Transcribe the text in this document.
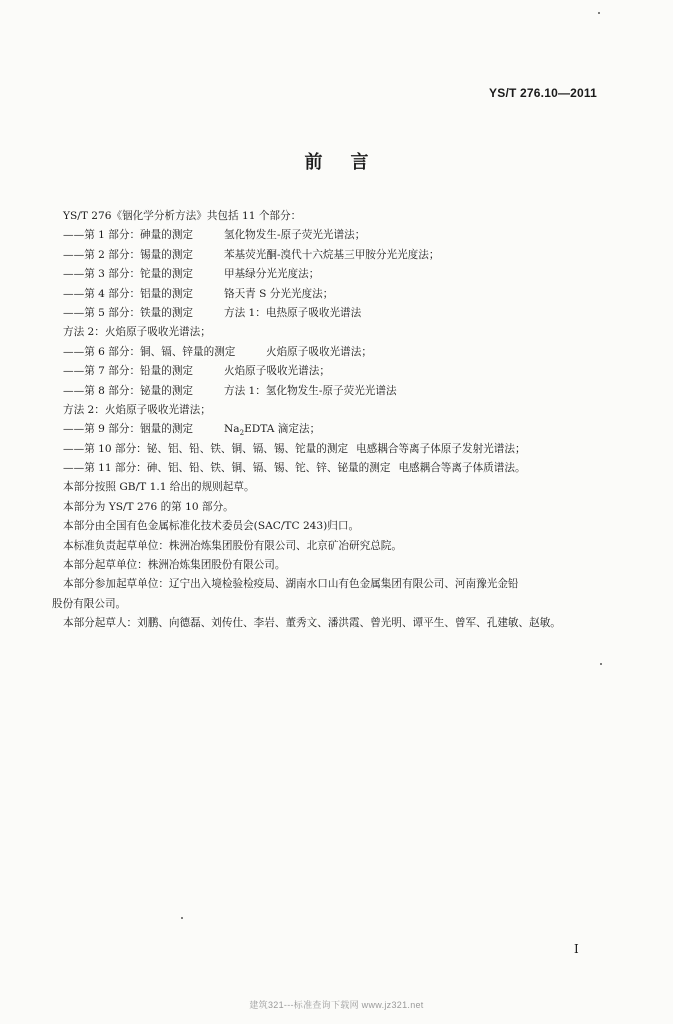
YS/T 276.10—2011
前言
YS/T 276《铟化学分析方法》共包括 11 个部分：
——第 1 部分：砷量的测定	氢化物发生-原子荧光光谱法；
——第 2 部分：锡量的测定	苯基荧光酮-溴代十六烷基三甲胺分光光度法；
——第 3 部分：铊量的测定	甲基绿分光光度法；
——第 4 部分：铝量的测定	铬天青 S 分光光度法；
——第 5 部分：铁量的测定	方法 1：电热原子吸收光谱法
方法 2：火焰原子吸收光谱法；
——第 6 部分：铜、镉、锌量的测定	火焰原子吸收光谱法；
——第 7 部分：铅量的测定	火焰原子吸收光谱法；
——第 8 部分：铋量的测定	方法 1：氢化物发生-原子荧光光谱法
方法 2：火焰原子吸收光谱法；
——第 9 部分：铟量的测定	$Na_2EDTA$ 滴定法；
——第 10 部分：铋、铝、铅、铁、铜、镉、锡、铊量的测定 电感耦合等离子体原子发射光谱法；
——第 11 部分：砷、铝、铅、铁、铜、镉、锡、铊、锌、铋量的测定 电感耦合等离子体质谱法。
本部分按照 GB/T 1.1 给出的规则起草。
本部分为 YS/T 276 的第 10 部分。
本部分由全国有色金属标准化技术委员会(SAC/TC 243)归口。
本标准负责起草单位：株洲冶炼集团股份有限公司、北京矿冶研究总院。
本部分起草单位：株洲冶炼集团股份有限公司。
本部分参加起草单位：辽宁出入境检验检疫局、湖南水口山有色金属集团有限公司、河南豫光金铅
股份有限公司。
本部分起草人：刘鹏、向德磊、刘传仕、李岩、董秀文、潘洪霞、曾光明、谭平生、曾军、孔建敏、赵敏。
I
建筑321---标准查询下载网 www.jz321.net
